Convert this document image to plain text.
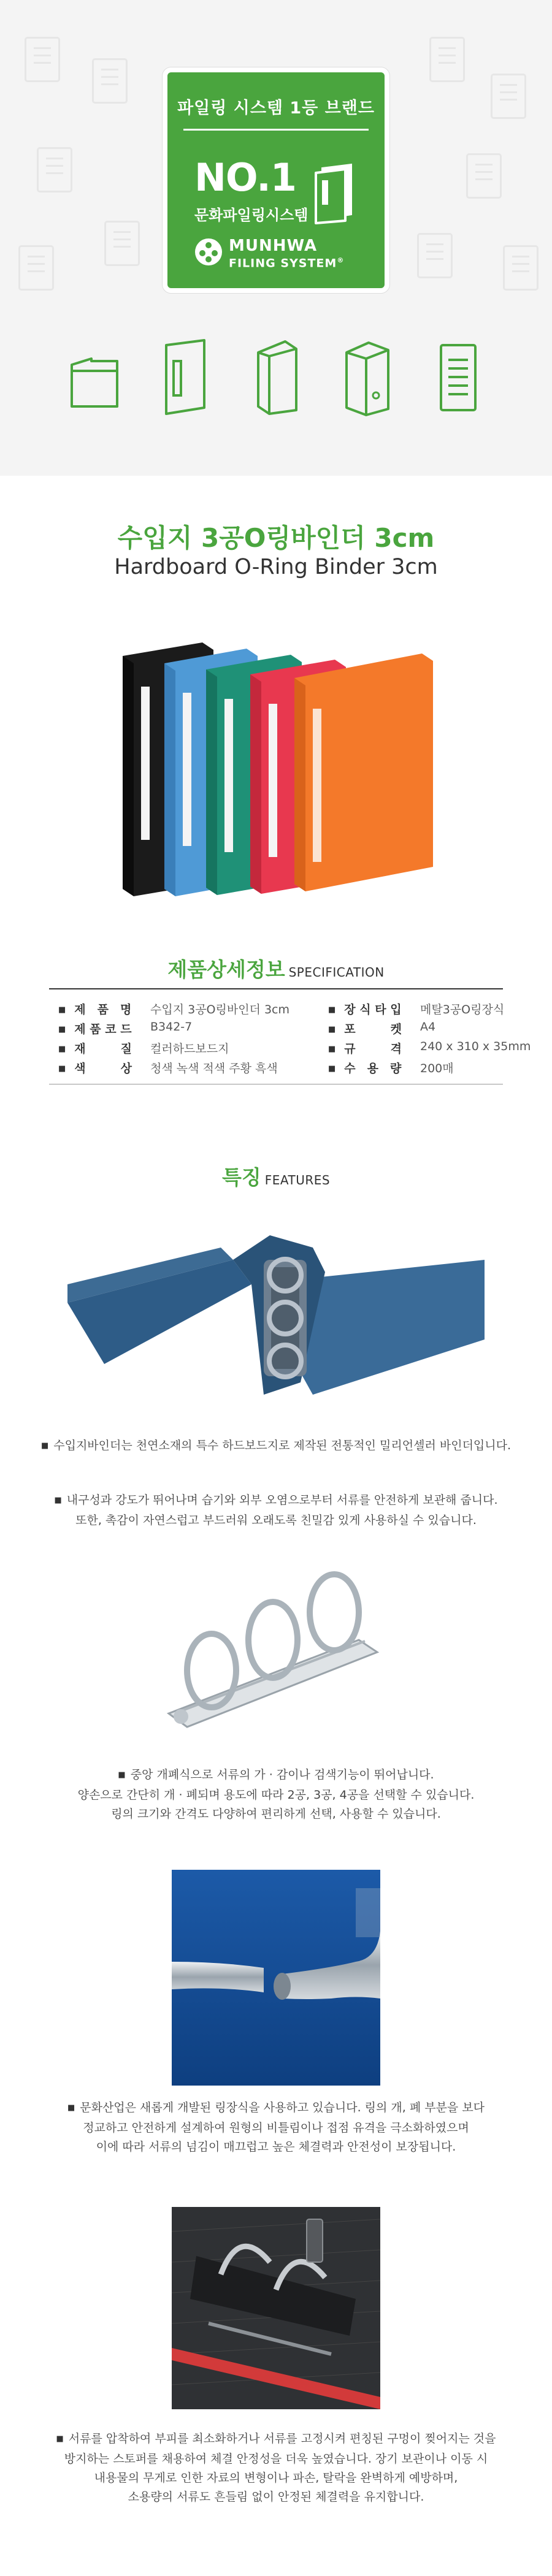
파일링 시스템 1등 브랜드
NO.1
문화파일링시스템
MUNHWA
FILING SYSTEM®
수입지 3공O링바인더 3cm
Hardboard O-Ring Binder 3cm
제품상세정보 SPECIFICATION
■ 제　품　명	수입지 3공O링바인더 3cm
■ 제 품 코 드	B342-7
■ 재　　　질	컬러하드보드지
■ 색　　　상	청색 녹색 적색 주황 흑색
■ 장 식 타 입	메탈3공O링장식
■ 포　　　켓	A4
■ 규　　　격	240 x 310 x 35mm
■ 수　용　량	200매
특징 FEATURES

■ 수입지바인더는 천연소재의 특수 하드보드지로 제작된 전통적인 밀리언셀러 바인더입니다.

■ 내구성과 강도가 뛰어나며 습기와 외부 오염으로부터 서류를 안전하게 보관해 줍니다.

또한, 촉감이 자연스럽고 부드러워 오래도록 친밀감 있게 사용하실 수 있습니다.

■ 중앙 개폐식으로 서류의 가 · 감이나 검색기능이 뛰어납니다.

양손으로 간단히 개 · 폐되며 용도에 따라 2공, 3공, 4공을 선택할 수 있습니다.

링의 크기와 간격도 다양하여 편리하게 선택, 사용할 수 있습니다.

■ 문화산업은 새롭게 개발된 링장식을 사용하고 있습니다. 링의 개, 폐 부분을 보다

정교하고 안전하게 설계하여 원형의 비틀림이나 접점 유격을 극소화하였으며

이에 따라 서류의 넘김이 매끄럽고 높은 체결력과 안전성이 보장됩니다.

■ 서류를 압착하여 부피를 최소화하거나 서류를 고정시켜 편칭된 구멍이 찢어지는 것을

방지하는 스토퍼를 채용하여 체결 안정성을 더욱 높였습니다. 장기 보관이나 이동 시

내용물의 무게로 인한 자료의 변형이나 파손, 탈락을 완벽하게 예방하며,

소용량의 서류도 흔들림 없이 안정된 체결력을 유지합니다.
